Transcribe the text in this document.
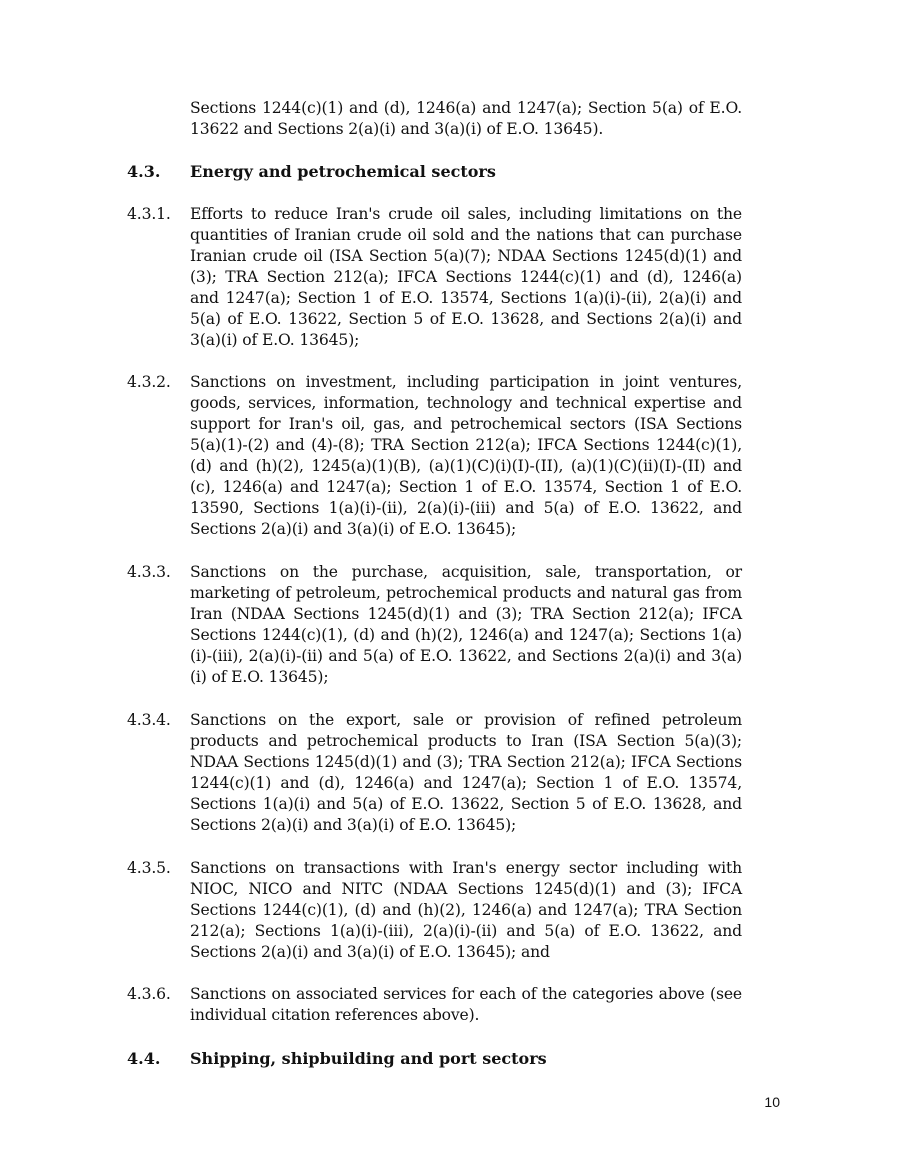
Sections 1244(c)(1) and (d), 1246(a) and 1247(a); Section 5(a) of E.O. 13622 and Sections 2(a)(i) and 3(a)(i) of E.O. 13645).
4.3. Energy and petrochemical sectors
4.3.1. Efforts to reduce Iran's crude oil sales, including limitations on the quantities of Iranian crude oil sold and the nations that can purchase Iranian crude oil (ISA Section 5(a)(7); NDAA Sections 1245(d)(1) and (3); TRA Section 212(a); IFCA Sections 1244(c)(1) and (d), 1246(a) and 1247(a); Section 1 of E.O. 13574, Sections 1(a)(i)-(ii), 2(a)(i) and 5(a) of E.O. 13622, Section 5 of E.O. 13628, and Sections 2(a)(i) and 3(a)(i) of E.O. 13645);
4.3.2. Sanctions on investment, including participation in joint ventures, goods, services, information, technology and technical expertise and support for Iran's oil, gas, and petrochemical sectors (ISA Sections 5(a)(1)-(2) and (4)-(8); TRA Section 212(a); IFCA Sections 1244(c)(1), (d) and (h)(2), 1245(a)(1)(B), (a)(1)(C)(i)(I)-(II), (a)(1)(C)(ii)(I)-(II) and (c), 1246(a) and 1247(a); Section 1 of E.O. 13574, Section 1 of E.O. 13590, Sections 1(a)(i)-(ii), 2(a)(i)-(iii) and 5(a) of E.O. 13622, and Sections 2(a)(i) and 3(a)(i) of E.O. 13645);
4.3.3. Sanctions on the purchase, acquisition, sale, transportation, or marketing of petroleum, petrochemical products and natural gas from Iran (NDAA Sections 1245(d)(1) and (3); TRA Section 212(a); IFCA Sections 1244(c)(1), (d) and (h)(2), 1246(a) and 1247(a); Sections 1(a)(i)-(iii), 2(a)(i)-(ii) and 5(a) of E.O. 13622, and Sections 2(a)(i) and 3(a)(i) of E.O. 13645);
4.3.4. Sanctions on the export, sale or provision of refined petroleum products and petrochemical products to Iran (ISA Section 5(a)(3); NDAA Sections 1245(d)(1) and (3); TRA Section 212(a); IFCA Sections 1244(c)(1) and (d), 1246(a) and 1247(a); Section 1 of E.O. 13574, Sections 1(a)(i) and 5(a) of E.O. 13622, Section 5 of E.O. 13628, and Sections 2(a)(i) and 3(a)(i) of E.O. 13645);
4.3.5. Sanctions on transactions with Iran's energy sector including with NIOC, NICO and NITC (NDAA Sections 1245(d)(1) and (3); IFCA Sections 1244(c)(1), (d) and (h)(2), 1246(a) and 1247(a); TRA Section 212(a); Sections 1(a)(i)-(iii), 2(a)(i)-(ii) and 5(a) of E.O. 13622, and Sections 2(a)(i) and 3(a)(i) of E.O. 13645); and
4.3.6. Sanctions on associated services for each of the categories above (see individual citation references above).
4.4. Shipping, shipbuilding and port sectors
10
